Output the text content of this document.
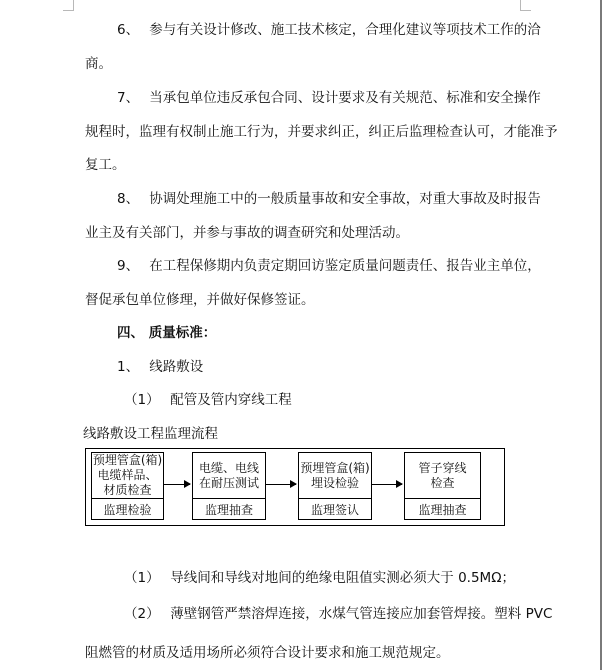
6、 参与有关设计修改、施工技术核定，合理化建议等项技术工作的洽
商。
7、 当承包单位违反承包合同、设计要求及有关规范、标准和安全操作
规程时，监理有权制止施工行为，并要求纠正，纠正后监理检查认可，才能准予
复工。
8、 协调处理施工中的一般质量事故和安全事故，对重大事故及时报告
业主及有关部门，并参与事故的调查研究和处理活动。
9、 在工程保修期内负责定期回访鉴定质量问题责任、报告业主单位，
督促承包单位修理，并做好保修签证。
四、 质量标准：
1、 线路敷设
（1） 配管及管内穿线工程
线路敷设工程监理流程
预埋管盒(箱)
电缆样品、
材质检查
监理检验
电缆、电线
在耐压测试
监理抽查
预埋管盒(箱)
埋设检验
监理签认
管子穿线
检查
监理抽查
（1） 导线间和导线对地间的绝缘电阻值实测必须大于 0.5MΩ；
（2） 薄壁钢管严禁溶焊连接，水煤气管连接应加套管焊接。塑料 PVC
阻燃管的材质及适用场所必须符合设计要求和施工规范规定。
